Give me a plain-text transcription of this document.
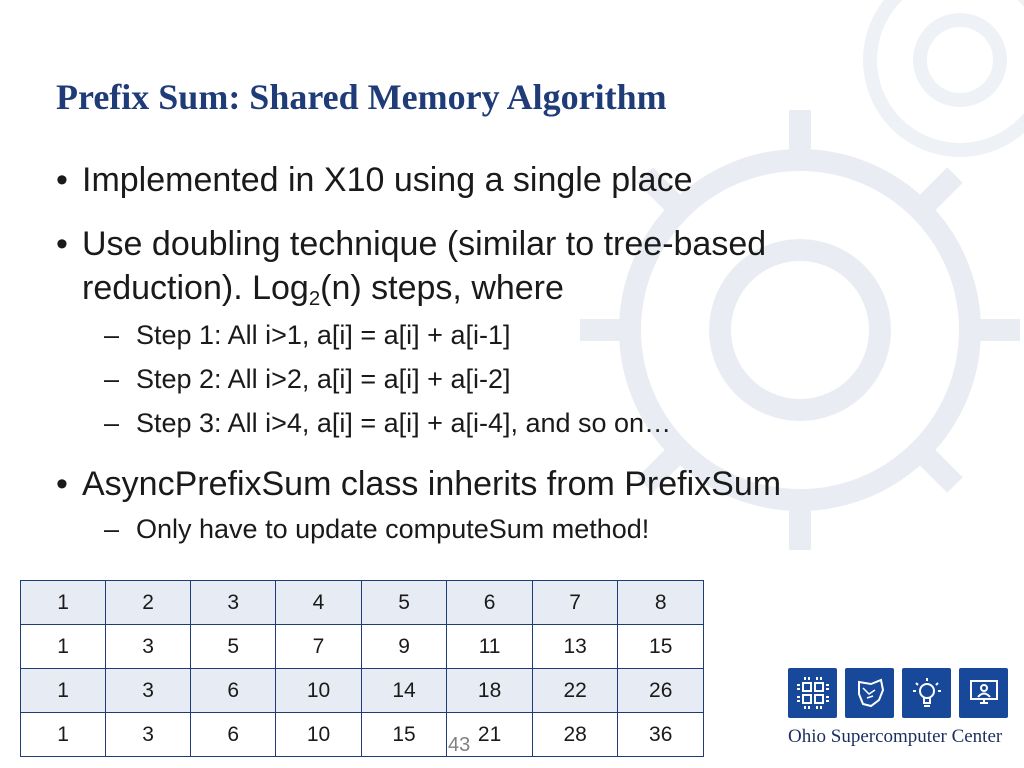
Prefix Sum: Shared Memory Algorithm
• Implemented in X10 using a single place
• Use doubling technique (similar to tree-based
reduction). Log$_2$(n) steps, where
– Step 1: All i>1, a[i] = a[i] + a[i-1]
– Step 2: All i>2, a[i] = a[i] + a[i-2]
– Step 3: All i>4, a[i] = a[i] + a[i-4], and so on…
• AsyncPrefixSum class inherits from PrefixSum
– Only have to update computeSum method!
1	2	3	4	5	6	7	8
1	3	5	7	9	11	13	15
1	3	6	10	14	18	22	26
1	3	6	10	15	21	28	36
43	Ohio Supercomputer Center
